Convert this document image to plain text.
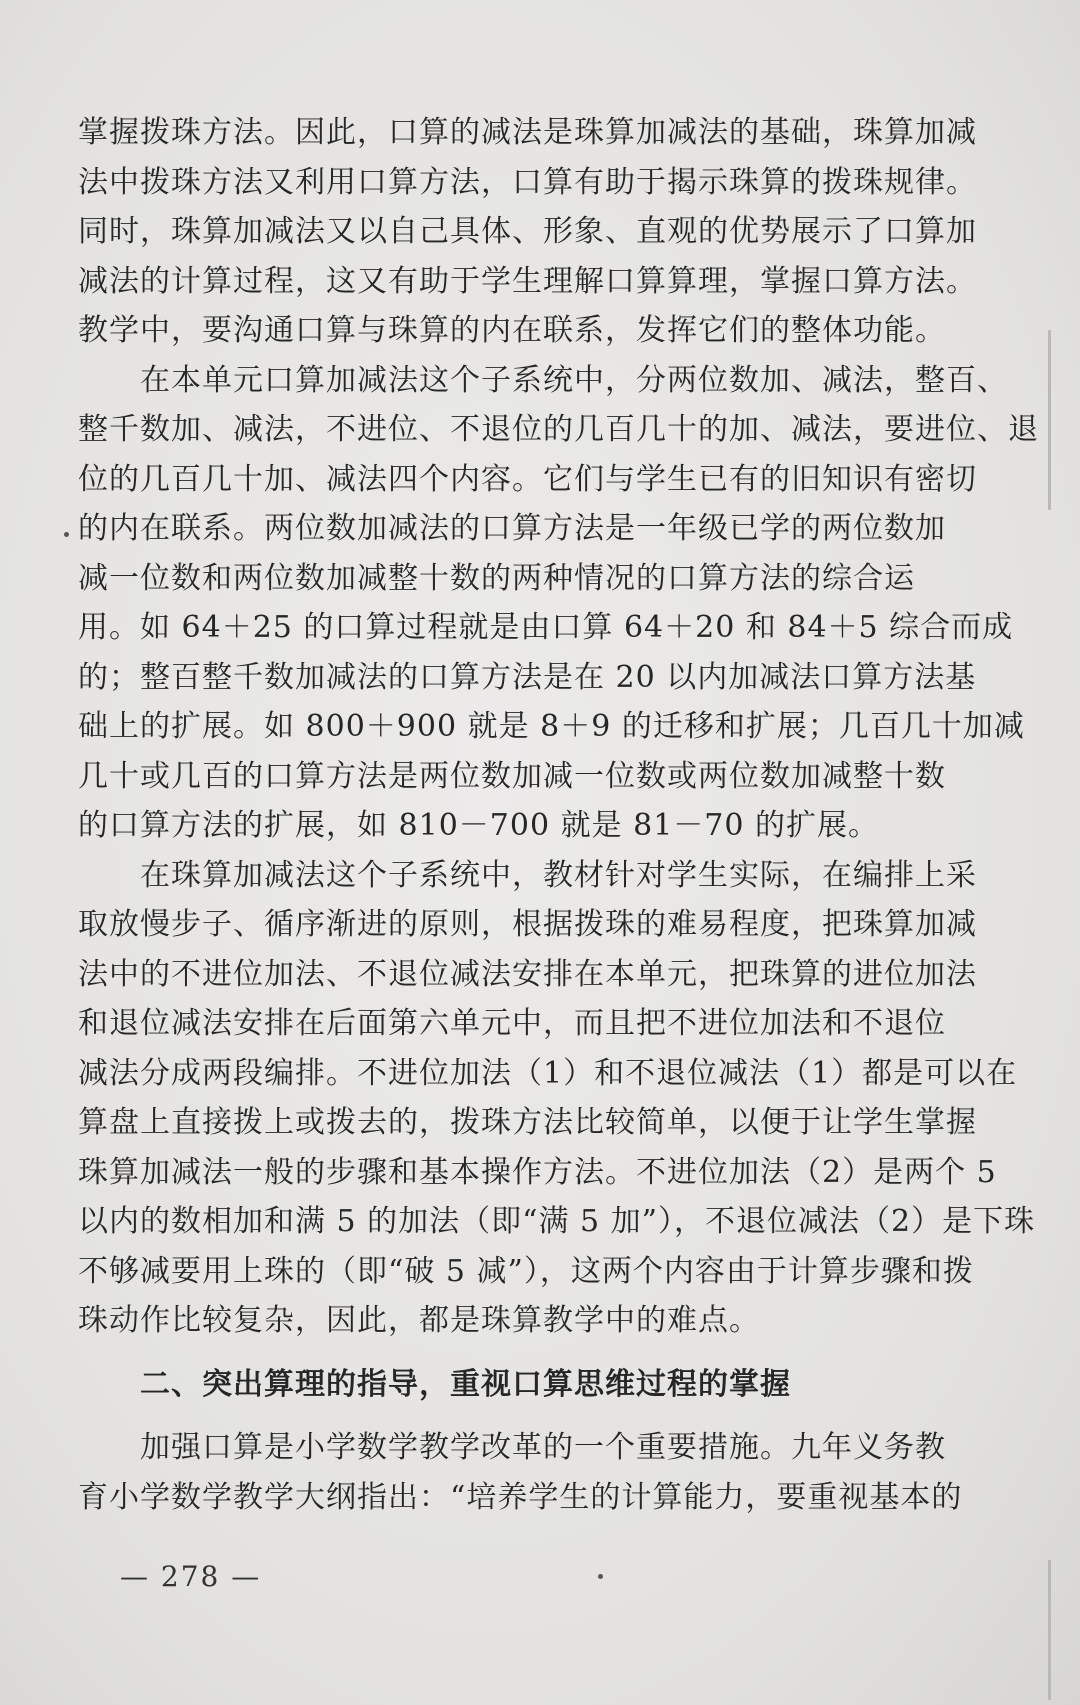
掌握拨珠方法。因此，口算的减法是珠算加减法的基础，珠算加减
法中拨珠方法又利用口算方法，口算有助于揭示珠算的拨珠规律。
同时，珠算加减法又以自己具体、形象、直观的优势展示了口算加
减法的计算过程，这又有助于学生理解口算算理，掌握口算方法。
教学中，要沟通口算与珠算的内在联系，发挥它们的整体功能。
在本单元口算加减法这个子系统中，分两位数加、减法，整百、
整千数加、减法，不进位、不退位的几百几十的加、减法，要进位、退
位的几百几十加、减法四个内容。它们与学生已有的旧知识有密切
的内在联系。两位数加减法的口算方法是一年级已学的两位数加
减一位数和两位数加减整十数的两种情况的口算方法的综合运
用。如 64＋25 的口算过程就是由口算 64＋20 和 84＋5 综合而成
的；整百整千数加减法的口算方法是在 20 以内加减法口算方法基
础上的扩展。如 800＋900 就是 8＋9 的迁移和扩展；几百几十加减
几十或几百的口算方法是两位数加减一位数或两位数加减整十数
的口算方法的扩展，如 810－700 就是 81－70 的扩展。
在珠算加减法这个子系统中，教材针对学生实际，在编排上采
取放慢步子、循序渐进的原则，根据拨珠的难易程度，把珠算加减
法中的不进位加法、不退位减法安排在本单元，把珠算的进位加法
和退位减法安排在后面第六单元中，而且把不进位加法和不退位
减法分成两段编排。不进位加法（1）和不退位减法（1）都是可以在
算盘上直接拨上或拨去的，拨珠方法比较简单，以便于让学生掌握
珠算加减法一般的步骤和基本操作方法。不进位加法（2）是两个 5
以内的数相加和满 5 的加法（即“满 5 加”），不退位减法（2）是下珠
不够减要用上珠的（即“破 5 减”），这两个内容由于计算步骤和拨
珠动作比较复杂，因此，都是珠算教学中的难点。
二、突出算理的指导，重视口算思维过程的掌握
加强口算是小学数学教学改革的一个重要措施。九年义务教
育小学数学教学大纲指出：“培养学生的计算能力，要重视基本的
— 278 —
